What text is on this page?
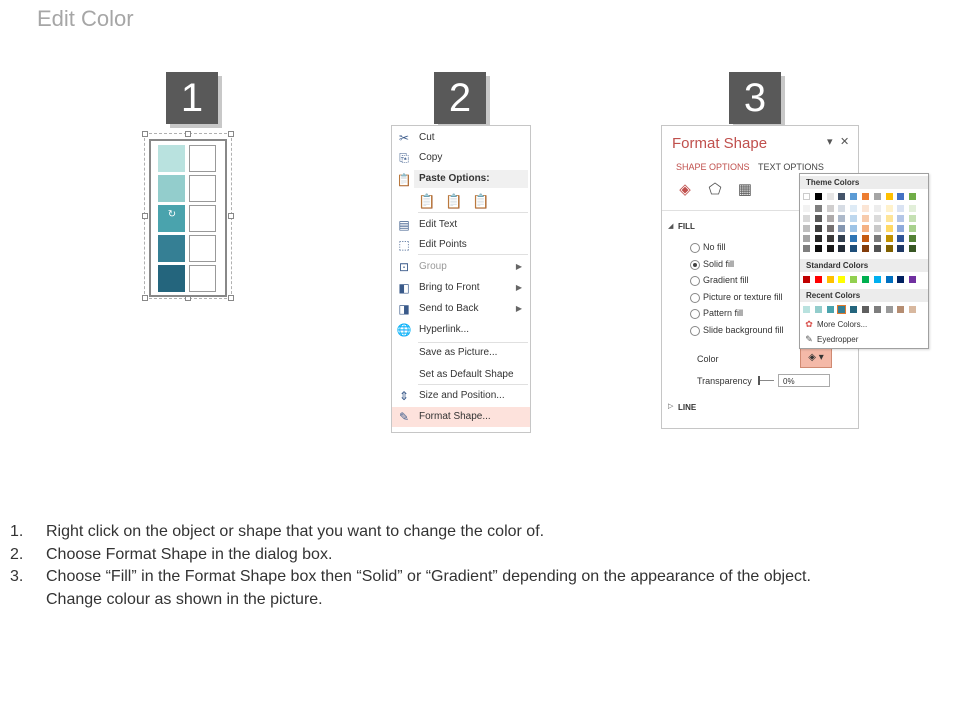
Edit Color
1	2	3
↻
✂ Cut
⎘	Copy
📋 Paste Options:
▤ Edit Text
⬚ Edit Points
⊡ Group	▶
◧ Bring to Front	▶
◨ Send to Back	▶
🌐 Hyperlink...
Save as Picture...
Set as Default Shape
⇕ Size and Position...
✎ Format Shape...
📋 📋 📋
Format Shape	▾ ✕
SHAPE OPTIONS TEXT OPTIONS
◈ ⬠ ▦
◢ FILL
Color	◈ ▾
Transparency	0%
▷ LINE
No fill
Solid fill
Gradient fill
Picture or texture fill
Pattern fill
Slide background fill
Theme Colors
Standard Colors
Recent Colors
✿ More Colors...
✎ Eyedropper
1. Right click on the object or shape that you want to change the color of.
2. Choose Format Shape in the dialog box.
3. Choose “Fill” in the Format Shape box then “Solid” or “Gradient” depending on the appearance of the object.
Change colour as shown in the picture.
